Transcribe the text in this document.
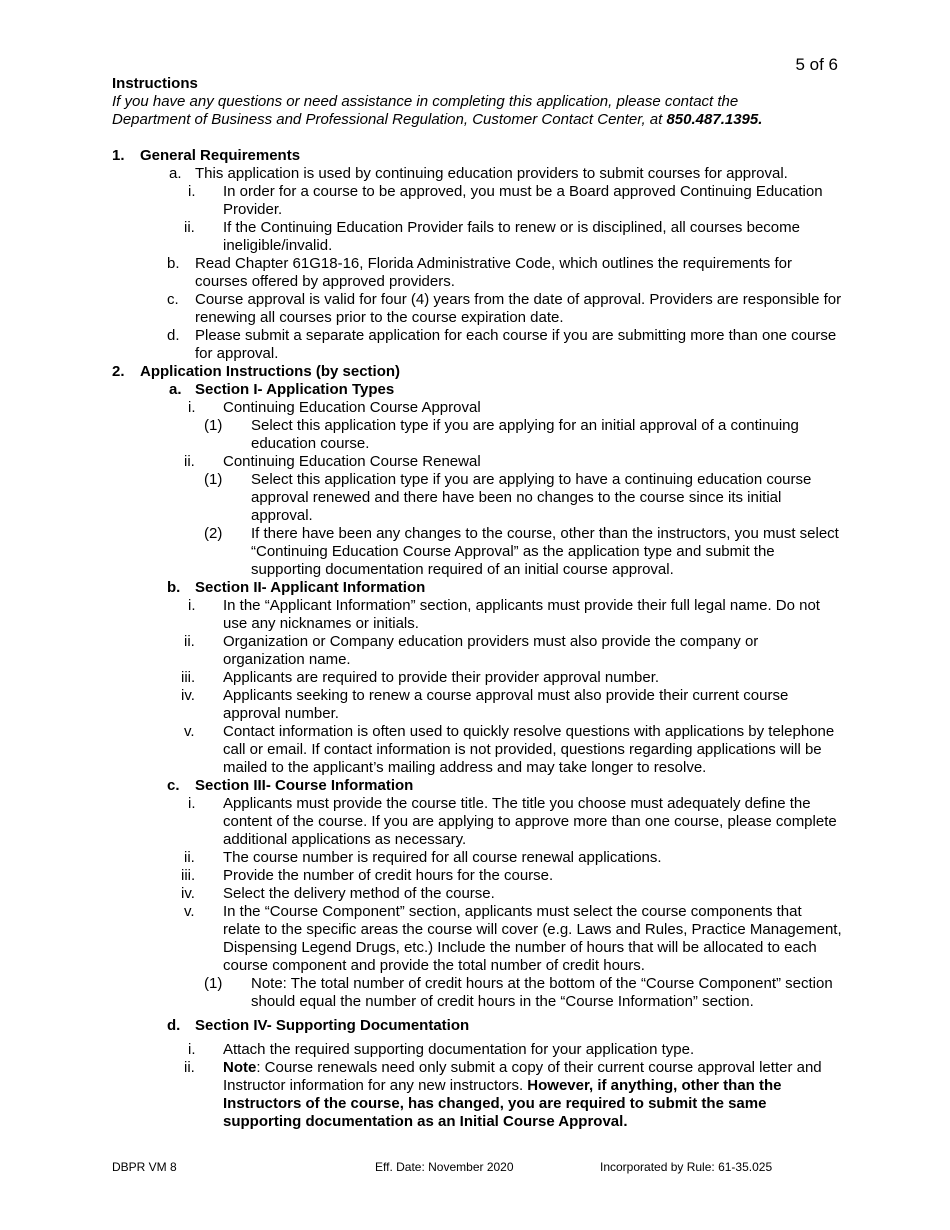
5 of 6
Instructions
If you have any questions or need assistance in completing this application, please contact the Department of Business and Professional Regulation, Customer Contact Center, at 850.487.1395.
1. General Requirements
a. This application is used by continuing education providers to submit courses for approval.
i. In order for a course to be approved, you must be a Board approved Continuing Education Provider.
ii. If the Continuing Education Provider fails to renew or is disciplined, all courses become ineligible/invalid.
b. Read Chapter 61G18-16, Florida Administrative Code, which outlines the requirements for courses offered by approved providers.
c. Course approval is valid for four (4) years from the date of approval. Providers are responsible for renewing all courses prior to the course expiration date.
d. Please submit a separate application for each course if you are submitting more than one course for approval.
2. Application Instructions (by section)
a. Section I- Application Types
i. Continuing Education Course Approval
(1) Select this application type if you are applying for an initial approval of a continuing education course.
ii. Continuing Education Course Renewal
(1) Select this application type if you are applying to have a continuing education course approval renewed and there have been no changes to the course since its initial approval.
(2) If there have been any changes to the course, other than the instructors, you must select “Continuing Education Course Approval” as the application type and submit the supporting documentation required of an initial course approval.
b. Section II- Applicant Information
i. In the “Applicant Information” section, applicants must provide their full legal name. Do not use any nicknames or initials.
ii. Organization or Company education providers must also provide the company or organization name.
iii. Applicants are required to provide their provider approval number.
iv. Applicants seeking to renew a course approval must also provide their current course approval number.
v. Contact information is often used to quickly resolve questions with applications by telephone call or email. If contact information is not provided, questions regarding applications will be mailed to the applicant’s mailing address and may take longer to resolve.
c. Section III- Course Information
i. Applicants must provide the course title. The title you choose must adequately define the content of the course. If you are applying to approve more than one course, please complete additional applications as necessary.
ii. The course number is required for all course renewal applications.
iii. Provide the number of credit hours for the course.
iv. Select the delivery method of the course.
v. In the “Course Component” section, applicants must select the course components that relate to the specific areas the course will cover (e.g. Laws and Rules, Practice Management, Dispensing Legend Drugs, etc.) Include the number of hours that will be allocated to each course component and provide the total number of credit hours.
(1) Note: The total number of credit hours at the bottom of the “Course Component” section should equal the number of credit hours in the “Course Information” section.
d. Section IV- Supporting Documentation
i. Attach the required supporting documentation for your application type.
ii. Note: Course renewals need only submit a copy of their current course approval letter and Instructor information for any new instructors. However, if anything, other than the Instructors of the course, has changed, you are required to submit the same supporting documentation as an Initial Course Approval.
DBPR VM 8	Eff. Date: November 2020	Incorporated by Rule: 61-35.025
